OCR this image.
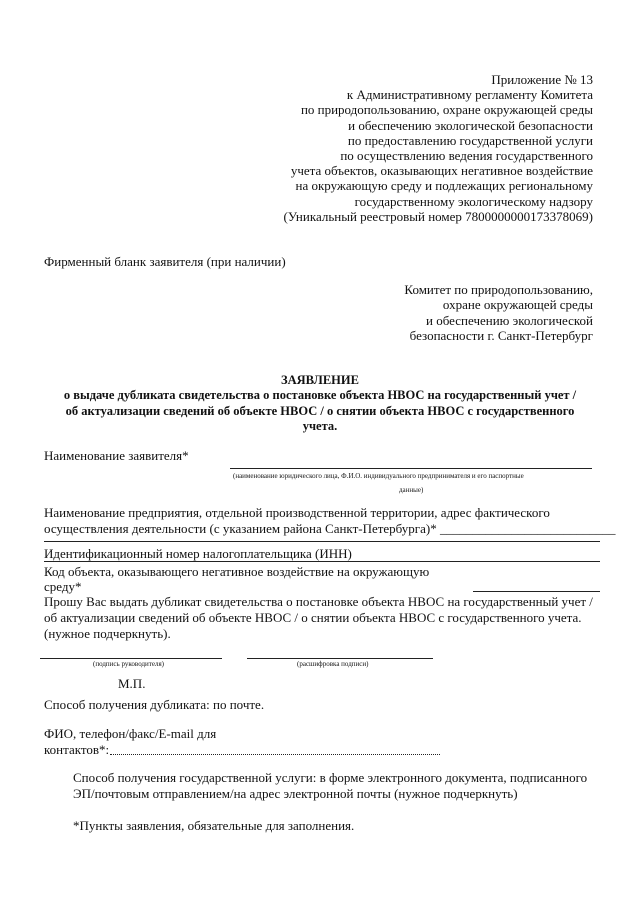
Приложение № 13
к Административному регламенту Комитета
по природопользованию, охране окружающей среды
и обеспечению экологической безопасности
по предоставлению государственной услуги
по осуществлению ведения государственного
учета объектов, оказывающих негативное воздействие
на окружающую среду и подлежащих региональному
государственному экологическому надзору
(Уникальный реестровый номер 7800000000173378069)
Фирменный бланк заявителя (при наличии)
Комитет по природопользованию,
охране окружающей среды
и обеспечению экологической
безопасности г. Санкт-Петербург
ЗАЯВЛЕНИЕ
о выдаче дубликата свидетельства о постановке объекта НВОС на государственный учет /
об актуализации сведений об объекте НВОС / о снятии объекта НВОС с государственного
учета.
Наименование заявителя*
(наименование юридического лица, Ф.И.О. индивидуального предпринимателя и его паспортные
данные)
Наименование предприятия, отдельной производственной территории, адрес фактического
осуществления деятельности (с указанием района Санкт-Петербурга)* ___________________________
Идентификационный номер налогоплательщика (ИНН)
Код объекта, оказывающего негативное воздействие на окружающую
среду*
Прошу Вас выдать дубликат свидетельства о постановке объекта НВОС на государственный учет /
об актуализации сведений об объекте НВОС / о снятии объекта НВОС с государственного учета.
(нужное подчеркнуть).
(подпись руководителя)	(расшифровка подписи)
М.П.
Способ получения дубликата: по почте.
ФИО, телефон/факс/E-mail для
контактов*:
Способ получения государственной услуги: в форме электронного документа, подписанного
ЭП/почтовым отправлением/на адрес электронной почты (нужное подчеркнуть)
*Пункты заявления, обязательные для заполнения.
